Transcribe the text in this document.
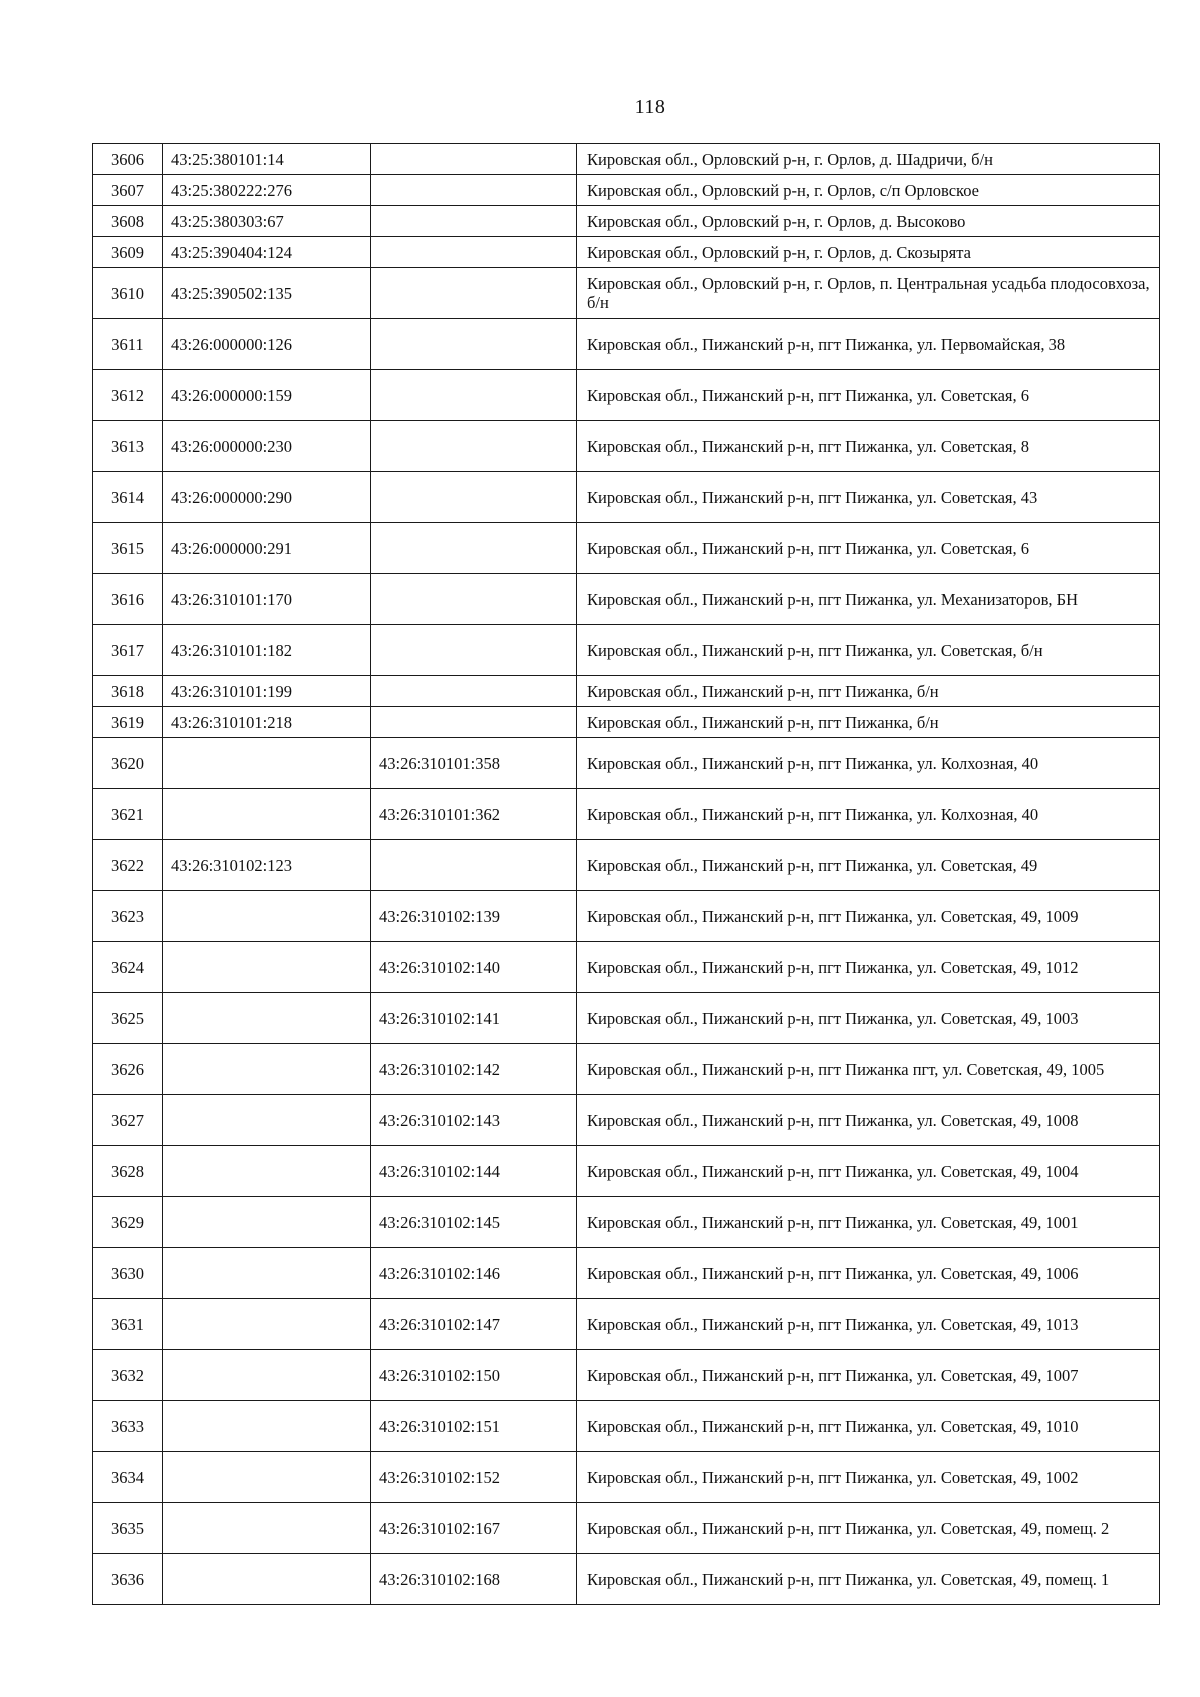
118
3606	43:25:380101:14		Кировская обл., Орловский р-н, г. Орлов, д. Шадричи, б/н
3607	43:25:380222:276		Кировская обл., Орловский р-н, г. Орлов, с/п Орловское
3608	43:25:380303:67		Кировская обл., Орловский р-н, г. Орлов, д. Высоково
3609	43:25:390404:124		Кировская обл., Орловский р-н, г. Орлов, д. Скозырята
3610	43:25:390502:135		Кировская обл., Орловский р-н, г. Орлов, п. Центральная усадьба плодосовхоза, б/н
3611	43:26:000000:126		Кировская обл., Пижанский р-н, пгт Пижанка, ул. Первомайская, 38
3612	43:26:000000:159		Кировская обл., Пижанский р-н, пгт Пижанка, ул. Советская, 6
3613	43:26:000000:230		Кировская обл., Пижанский р-н, пгт Пижанка, ул. Советская, 8
3614	43:26:000000:290		Кировская обл., Пижанский р-н, пгт Пижанка, ул. Советская, 43
3615	43:26:000000:291		Кировская обл., Пижанский р-н, пгт Пижанка, ул. Советская, 6
3616	43:26:310101:170		Кировская обл., Пижанский р-н, пгт Пижанка, ул. Механизаторов, БН
3617	43:26:310101:182		Кировская обл., Пижанский р-н, пгт Пижанка, ул. Советская, б/н
3618	43:26:310101:199		Кировская обл., Пижанский р-н, пгт Пижанка, б/н
3619	43:26:310101:218		Кировская обл., Пижанский р-н, пгт Пижанка, б/н
3620		43:26:310101:358	Кировская обл., Пижанский р-н, пгт Пижанка, ул. Колхозная, 40
3621		43:26:310101:362	Кировская обл., Пижанский р-н, пгт Пижанка, ул. Колхозная, 40
3622	43:26:310102:123		Кировская обл., Пижанский р-н, пгт Пижанка, ул. Советская, 49
3623		43:26:310102:139	Кировская обл., Пижанский р-н, пгт Пижанка, ул. Советская, 49, 1009
3624		43:26:310102:140	Кировская обл., Пижанский р-н, пгт Пижанка, ул. Советская, 49, 1012
3625		43:26:310102:141	Кировская обл., Пижанский р-н, пгт Пижанка, ул. Советская, 49, 1003
3626		43:26:310102:142	Кировская обл., Пижанский р-н, пгт Пижанка пгт, ул. Советская, 49, 1005
3627		43:26:310102:143	Кировская обл., Пижанский р-н, пгт Пижанка, ул. Советская, 49, 1008
3628		43:26:310102:144	Кировская обл., Пижанский р-н, пгт Пижанка, ул. Советская, 49, 1004
3629		43:26:310102:145	Кировская обл., Пижанский р-н, пгт Пижанка, ул. Советская, 49, 1001
3630		43:26:310102:146	Кировская обл., Пижанский р-н, пгт Пижанка, ул. Советская, 49, 1006
3631		43:26:310102:147	Кировская обл., Пижанский р-н, пгт Пижанка, ул. Советская, 49, 1013
3632		43:26:310102:150	Кировская обл., Пижанский р-н, пгт Пижанка, ул. Советская, 49, 1007
3633		43:26:310102:151	Кировская обл., Пижанский р-н, пгт Пижанка, ул. Советская, 49, 1010
3634		43:26:310102:152	Кировская обл., Пижанский р-н, пгт Пижанка, ул. Советская, 49, 1002
3635		43:26:310102:167	Кировская обл., Пижанский р-н, пгт Пижанка, ул. Советская, 49, помещ. 2
3636		43:26:310102:168	Кировская обл., Пижанский р-н, пгт Пижанка, ул. Советская, 49, помещ. 1
